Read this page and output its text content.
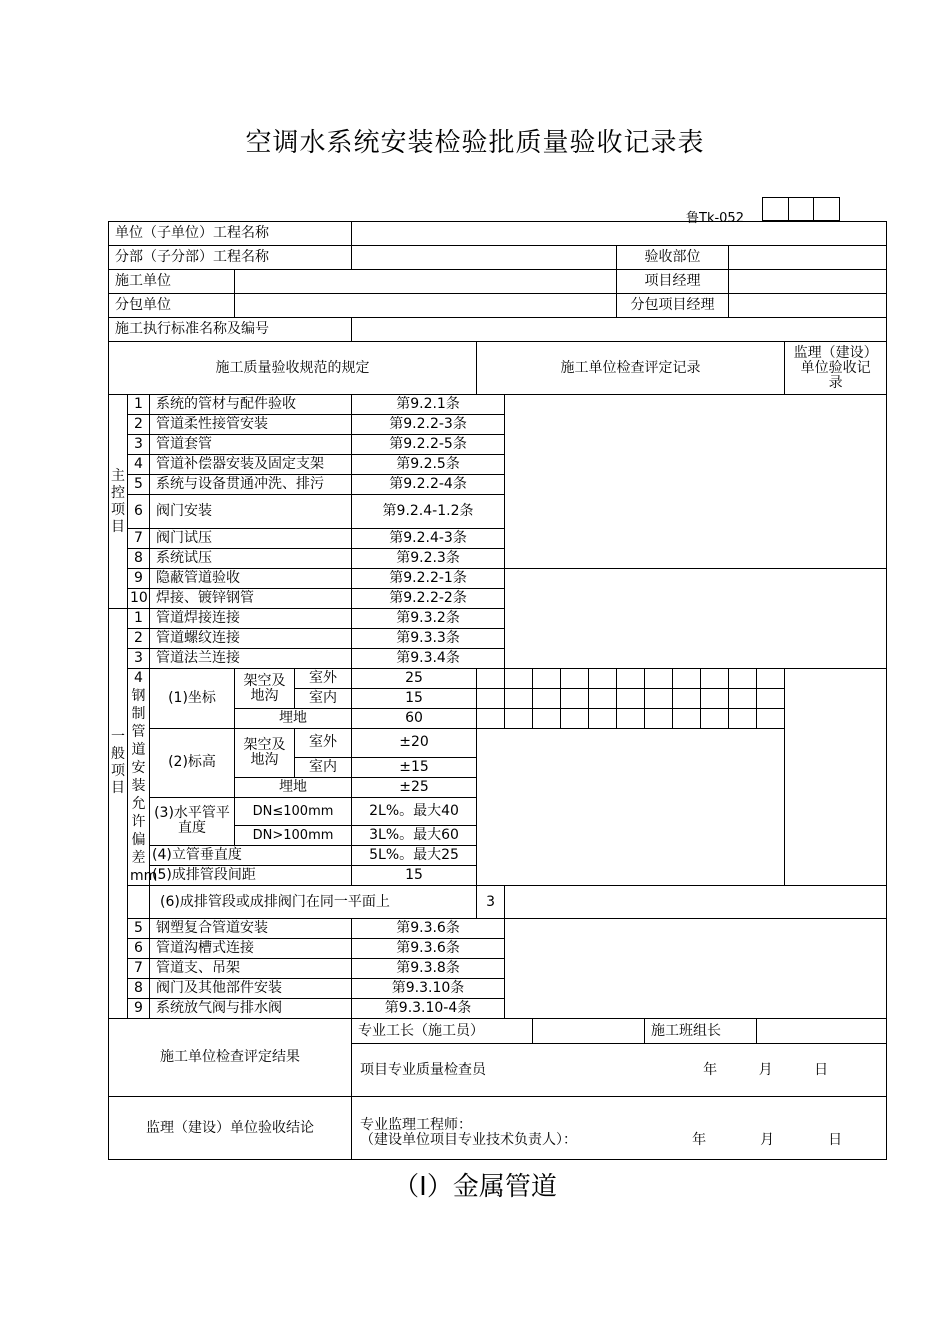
空调水系统安装检验批质量验收记录表
鲁Tk-052
单位（子单位）工程名称																		
分部（子分部）工程名称											验收部位							
施工单位											项目经理							
分包单位											分包项目经理							
施工执行标准名称及编号																		
施工质量验收规范的规定						施工单位检查评定记录											监理（建设）单位验收记　录	
主控项目	1	系统的管材与配件验收			第9.2.1条													
	2	管道柔性接管安装			第9.2.2-3条													
	3	管道套管			第9.2.2-5条													
	4	管道补偿器安装及固定支架			第9.2.5条													
	5	系统与设备贯通冲洗、排污			第9.2.2-4条													
	6	阀门安装			第9.2.4-1.2条													
	7	阀门试压			第9.2.4-3条													
	8	系统试压			第9.2.3条													
	9	隐蔽管道验收			第9.2.2-1条													
	10	焊接、镀锌钢管			第9.2.2-2条													
一般项目	1	管道焊接连接			第9.3.2条													
	2	管道螺纹连接			第9.3.3条													
	3	管道法兰连接			第9.3.4条													
	4钢制管道安装允许偏差mm	(1)坐标	架空及地沟	室外	25													
				室内	15													
			埋地		60													
		(2)标高	架空及地沟	室外	±20													
				室内	±15													
			埋地		±25													
		(3)水平管平直度	DN≤100mm		2L%。最大40													
			DN>100mm		3L%。最大60													
		(4)立管垂直度			5L%。最大25													
		(5)成排管段间距			15													
		(6)成排管段或成排阀门在同一平面上				3												
	5	钢塑复合管道安装			第9.3.6条													
	6	管道沟槽式连接			第9.3.6条													
	7	管道支、吊架			第9.3.8条													
	8	阀门及其他部件安装			第9.3.10条													
	9	系统放气阀与排水阀			第9.3.10-4条													
施工单位检查评定结果					专业工长（施工员）							施工班组长						

					项目专业质量检查员 年 月 日													

监理（建设）单位验收结论					专业监理工程师：
（建设单位项目专业技术负责人）： 年 月 日													
（Ⅰ）金属管道
